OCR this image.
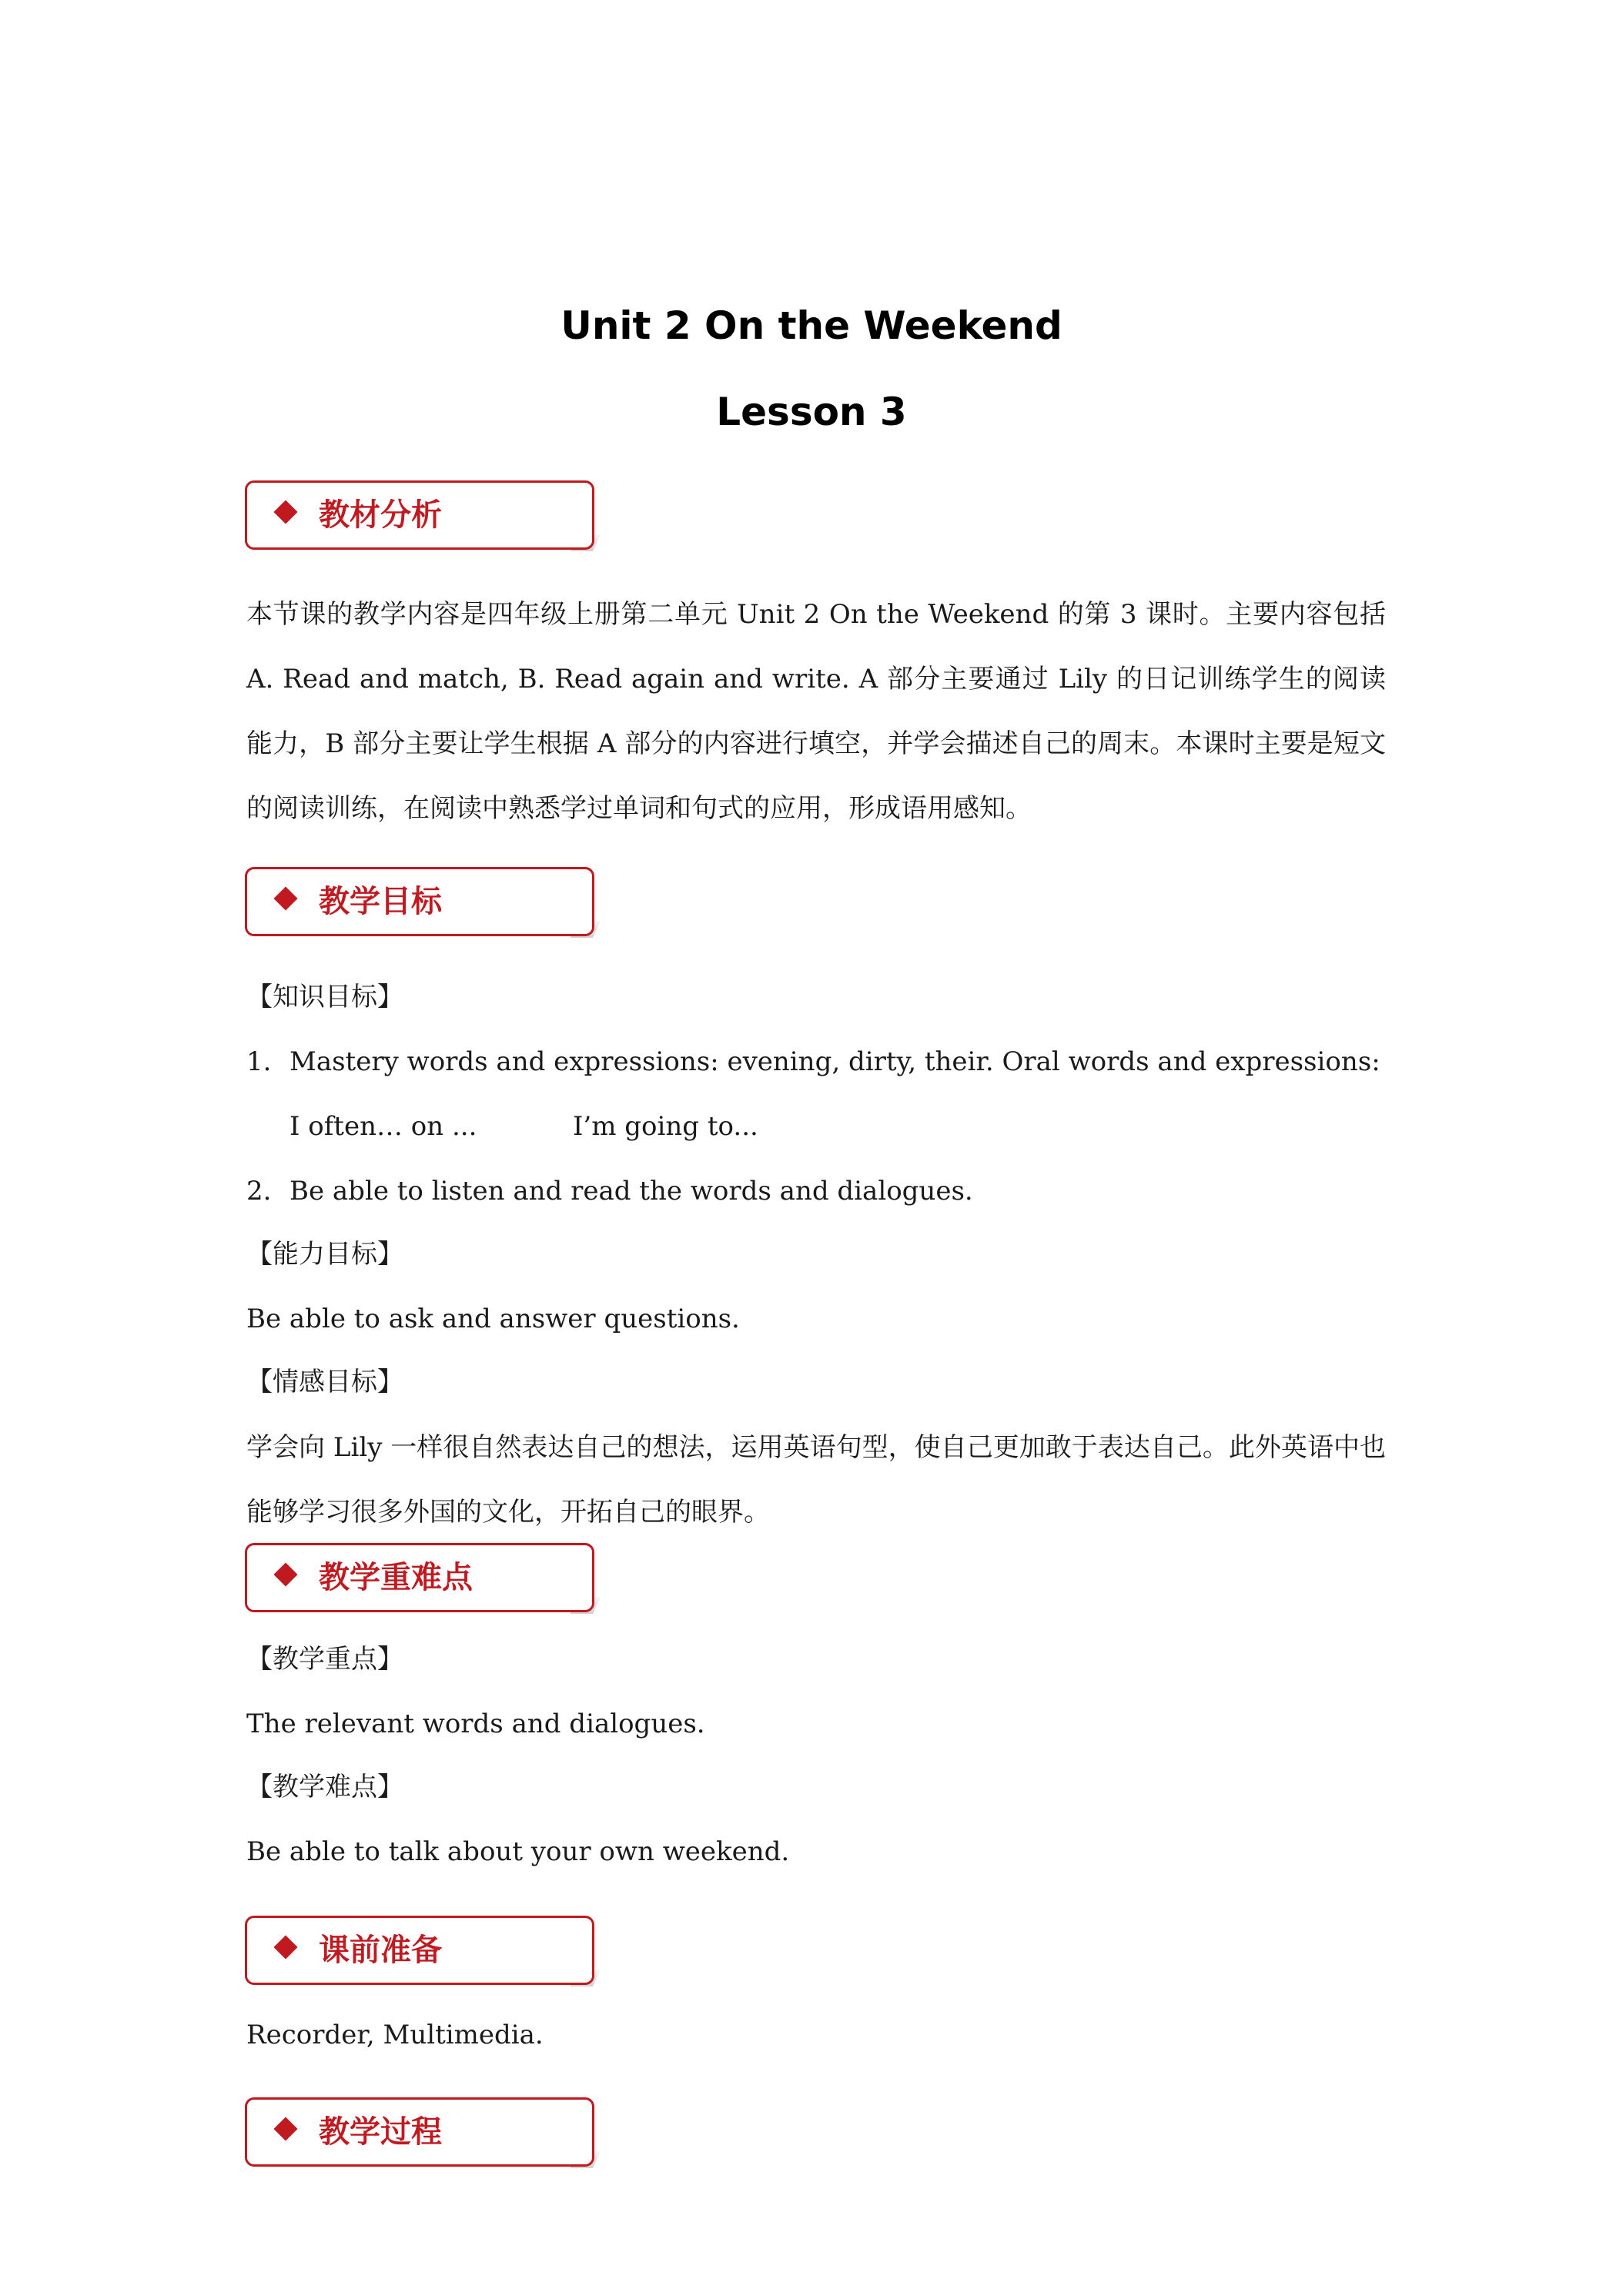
Unit 2 On the Weekend
Lesson 3
教材分析

本节课的教学内容是四年级上册第二单元 Unit 2 On the Weekend 的第 3 课时。主要内容包括 A. Read and match, B. Read again and write. A 部分主要通过 Lily 的日记训练学生的阅读能力，B 部分主要让学生根据 A 部分的内容进行填空，并学会描述自己的周末。本课时主要是短文的阅读训练，在阅读中熟悉学过单词和句式的应用，形成语用感知。

教学目标

【知识目标】

1. Mastery words and expressions: evening, dirty, their. Oral words and expressions:

I often… on ...	I’m going to...

2. Be able to listen and read the words and dialogues.

【能力目标】

Be able to ask and answer questions.

【情感目标】

学会向 Lily 一样很自然表达自己的想法，运用英语句型，使自己更加敢于表达自己。此外英语中也能够学习很多外国的文化，开拓自己的眼界。

教学重难点

【教学重点】

The relevant words and dialogues.

【教学难点】

Be able to talk about your own weekend.

课前准备

Recorder, Multimedia.

教学过程
